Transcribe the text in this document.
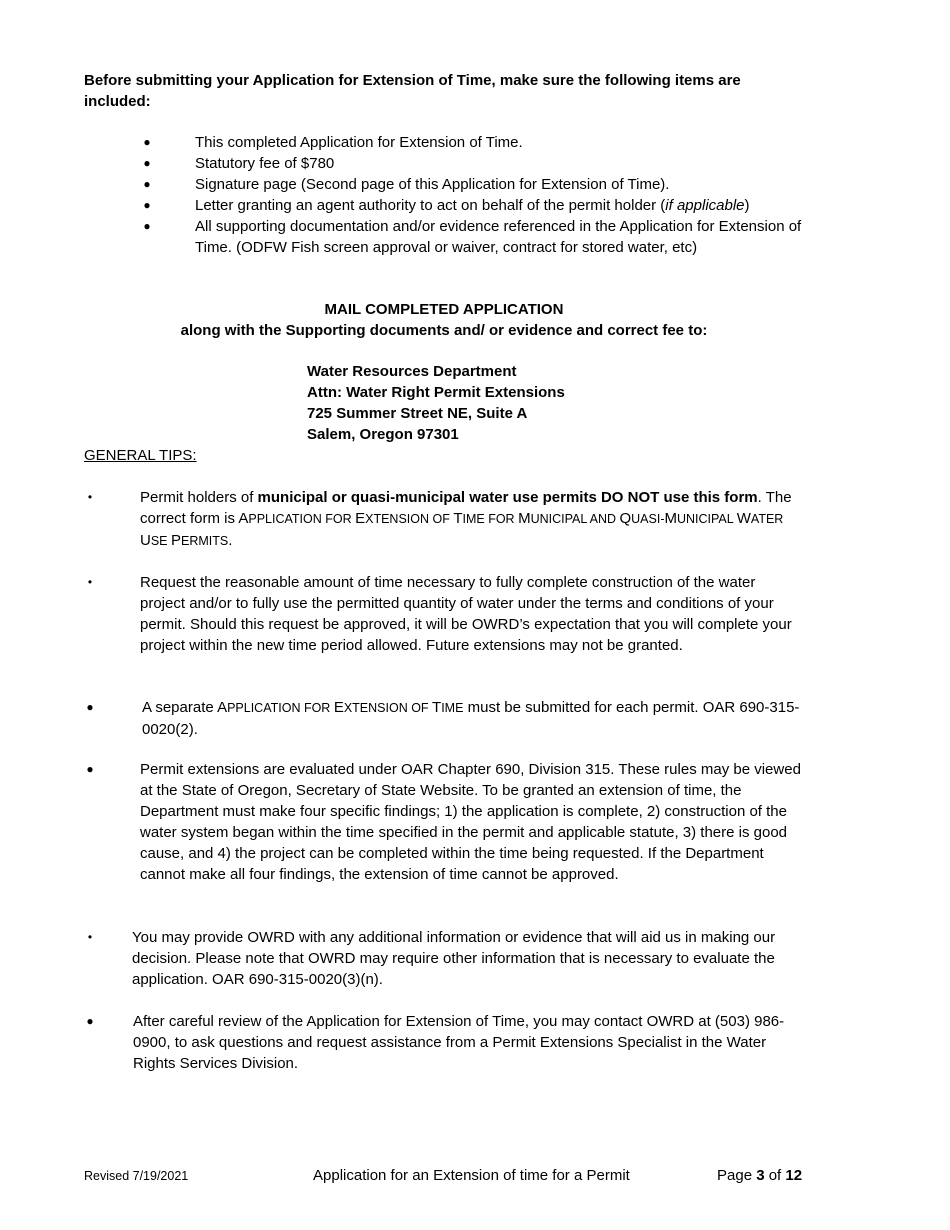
Before submitting your Application for Extension of Time, make sure the following items are included:
●	This completed Application for Extension of Time.
●	Statutory fee of $780
●	Signature page (Second page of this Application for Extension of Time).
●	Letter granting an agent authority to act on behalf of the permit holder (if applicable)
●	All supporting documentation and/or evidence referenced in the Application for Extension of Time. (ODFW Fish screen approval or waiver, contract for stored water, etc)
MAIL COMPLETED APPLICATION
along with the Supporting documents and/ or evidence and correct fee to:
Water Resources Department
Attn: Water Right Permit Extensions
725 Summer Street NE, Suite A
Salem, Oregon 97301
GENERAL TIPS:
•	Permit holders of municipal or quasi-municipal water use permits DO NOT use this form. The correct form is APPLICATION FOR EXTENSION OF TIME FOR MUNICIPAL AND QUASI-MUNICIPAL WATER USE PERMITS.
•	Request the reasonable amount of time necessary to fully complete construction of the water project and/or to fully use the permitted quantity of water under the terms and conditions of your permit. Should this request be approved, it will be OWRD’s expectation that you will complete your project within the new time period allowed. Future extensions may not be granted.
●	A separate APPLICATION FOR EXTENSION OF TIME must be submitted for each permit. OAR 690-315-0020(2).
●	Permit extensions are evaluated under OAR Chapter 690, Division 315. These rules may be viewed at the State of Oregon, Secretary of State Website. To be granted an extension of time, the Department must make four specific findings; 1) the application is complete, 2) construction of the water system began within the time specified in the permit and applicable statute, 3) there is good cause, and 4) the project can be completed within the time being requested. If the Department cannot make all four findings, the extension of time cannot be approved.
•	You may provide OWRD with any additional information or evidence that will aid us in making our decision. Please note that OWRD may require other information that is necessary to evaluate the application. OAR 690-315-0020(3)(n).
●	After careful review of the Application for Extension of Time, you may contact OWRD at (503) 986-0900, to ask questions and request assistance from a Permit Extensions Specialist in the Water Rights Services Division.
Revised 7/19/2021	Application for an Extension of time for a Permit	Page 3 of 12
